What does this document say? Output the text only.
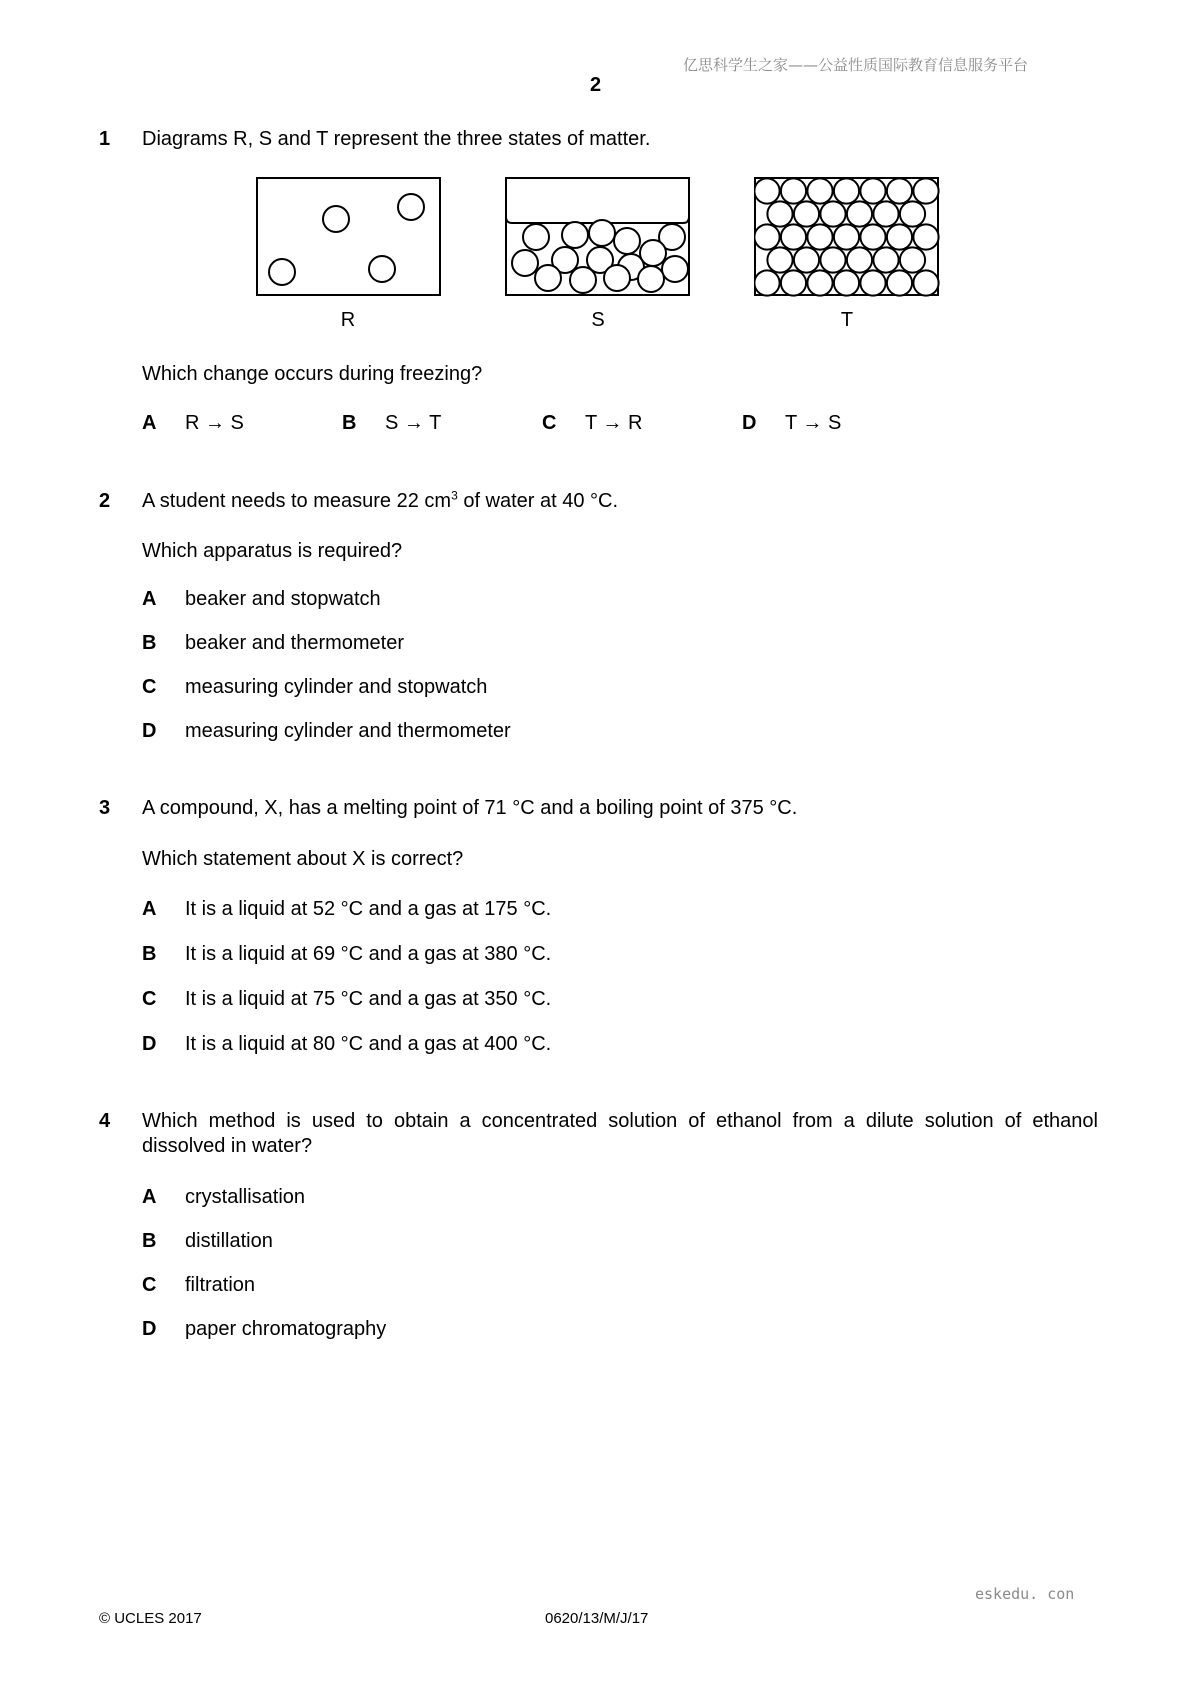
亿思科学生之家——公益性质国际教育信息服务平台
2
1 Diagrams R, S and T represent the three states of matter.
R	S	T
Which change occurs during freezing?
A R → S	B S → T	C T → R	D T → S
2 A student needs to measure 22 $cm^3$ of water at 40 °C.
Which apparatus is required?
A beaker and stopwatch
B beaker and thermometer
C measuring cylinder and stopwatch
D measuring cylinder and thermometer
3 A compound, X, has a melting point of 71 °C and a boiling point of 375 °C.
Which statement about X is correct?
A It is a liquid at 52 °C and a gas at 175 °C.
B It is a liquid at 69 °C and a gas at 380 °C.
C It is a liquid at 75 °C and a gas at 350 °C.
D It is a liquid at 80 °C and a gas at 400 °C.
4 Which method is used to obtain a concentrated solution of ethanol from a dilute solution of ethanol dissolved in water?
A crystallisation
B distillation
C filtration
D paper chromatography
eskedu. con
© UCLES 2017	0620/13/M/J/17
